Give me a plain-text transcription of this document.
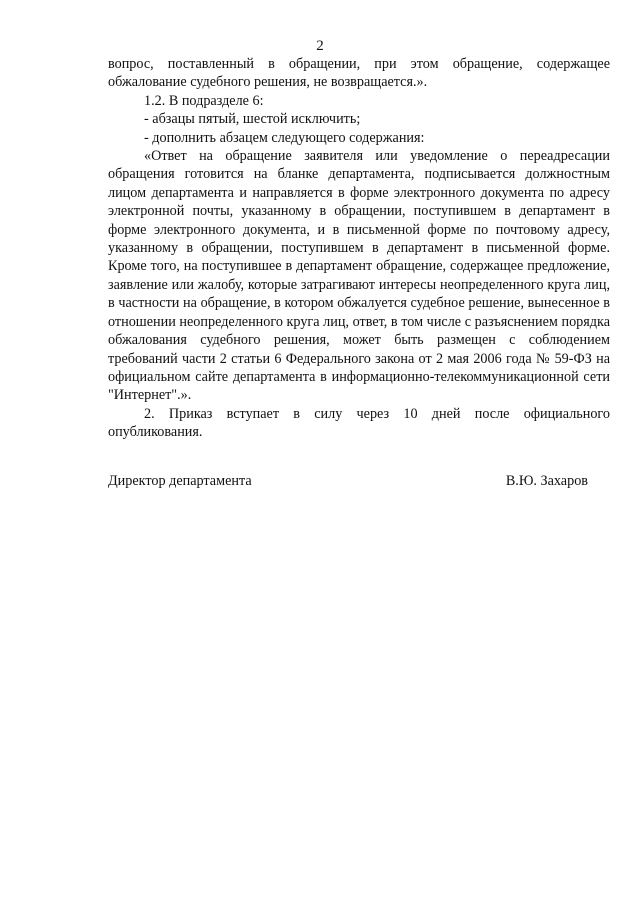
2

вопрос, поставленный в обращении, при этом обращение, содержащее обжалование судебного решения, не возвращается.».

1.2. В подразделе 6:

- абзацы пятый, шестой исключить;

- дополнить абзацем следующего содержания:

«Ответ на обращение заявителя или уведомление о переадресации обращения готовится на бланке департамента, подписывается должностным лицом департамента и направляется в форме электронного документа по адресу электронной почты, указанному в обращении, поступившем в департамент в форме электронного документа, и в письменной форме по почтовому адресу, указанному в обращении, поступившем в департамент в письменной форме. Кроме того, на поступившее в департамент обращение, содержащее предложение, заявление или жалобу, которые затрагивают интересы неопределенного круга лиц, в частности на обращение, в котором обжалуется судебное решение, вынесенное в отношении неопределенного круга лиц, ответ, в том числе с разъяснением порядка обжалования судебного решения, может быть размещен с соблюдением требований части 2 статьи 6 Федерального закона от 2 мая 2006 года № 59-ФЗ на официальном сайте департамента в информационно-телекоммуникационной сети "Интернет".».

2. Приказ вступает в силу через 10 дней после официального опубликования.

Директор департамента	В.Ю. Захаров
